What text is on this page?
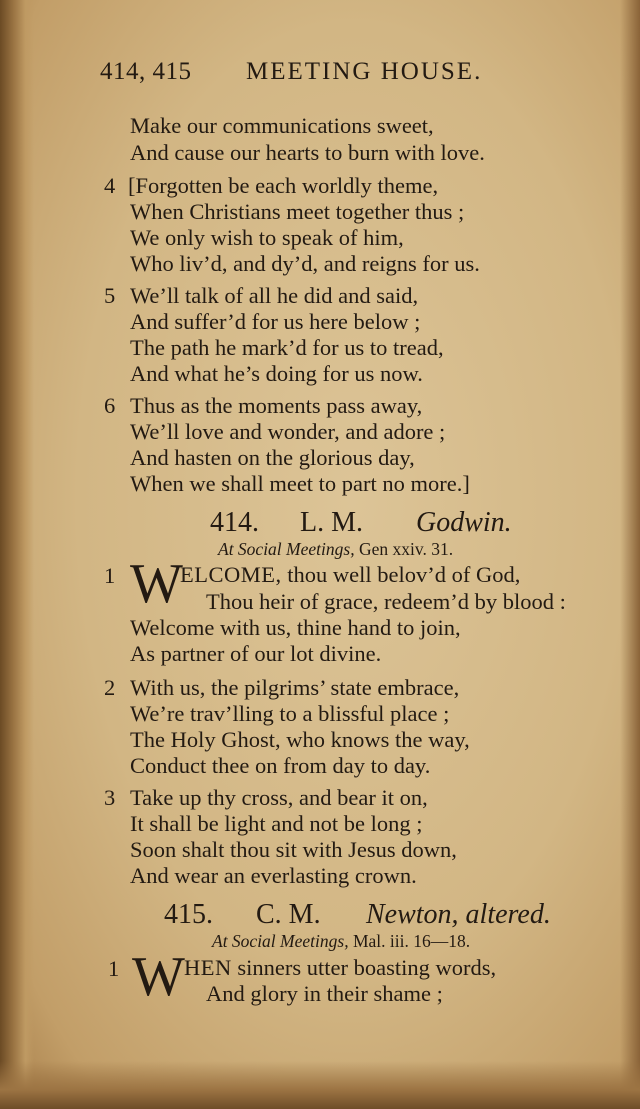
414, 415 MEETING HOUSE.
Make our communications sweet,
And cause our hearts to burn with love.
4 [Forgotten be each worldly theme,
When Christians meet together thus ;
We only wish to speak of him,
Who liv’d, and dy’d, and reigns for us.
5 We’ll talk of all he did and said,
And suffer’d for us here below ;
The path he mark’d for us to tread,
And what he’s doing for us now.
6 Thus as the moments pass away,
We’ll love and wonder, and adore ;
And hasten on the glorious day,
When we shall meet to part no more.]
414. L. M. Godwin.
At Social Meetings, Gen xxiv. 31.
1 W
ELCOME, thou well belov’d of God,
Thou heir of grace, redeem’d by blood :
Welcome with us, thine hand to join,
As partner of our lot divine.
2 With us, the pilgrims’ state embrace,
We’re trav’lling to a blissful place ;
The Holy Ghost, who knows the way,
Conduct thee on from day to day.
3 Take up thy cross, and bear it on,
It shall be light and not be long ;
Soon shalt thou sit with Jesus down,
And wear an everlasting crown.
415. C. M. Newton, altered.
At Social Meetings, Mal. iii. 16—18.
1 W HEN sinners utter boasting words,
And glory in their shame ;
